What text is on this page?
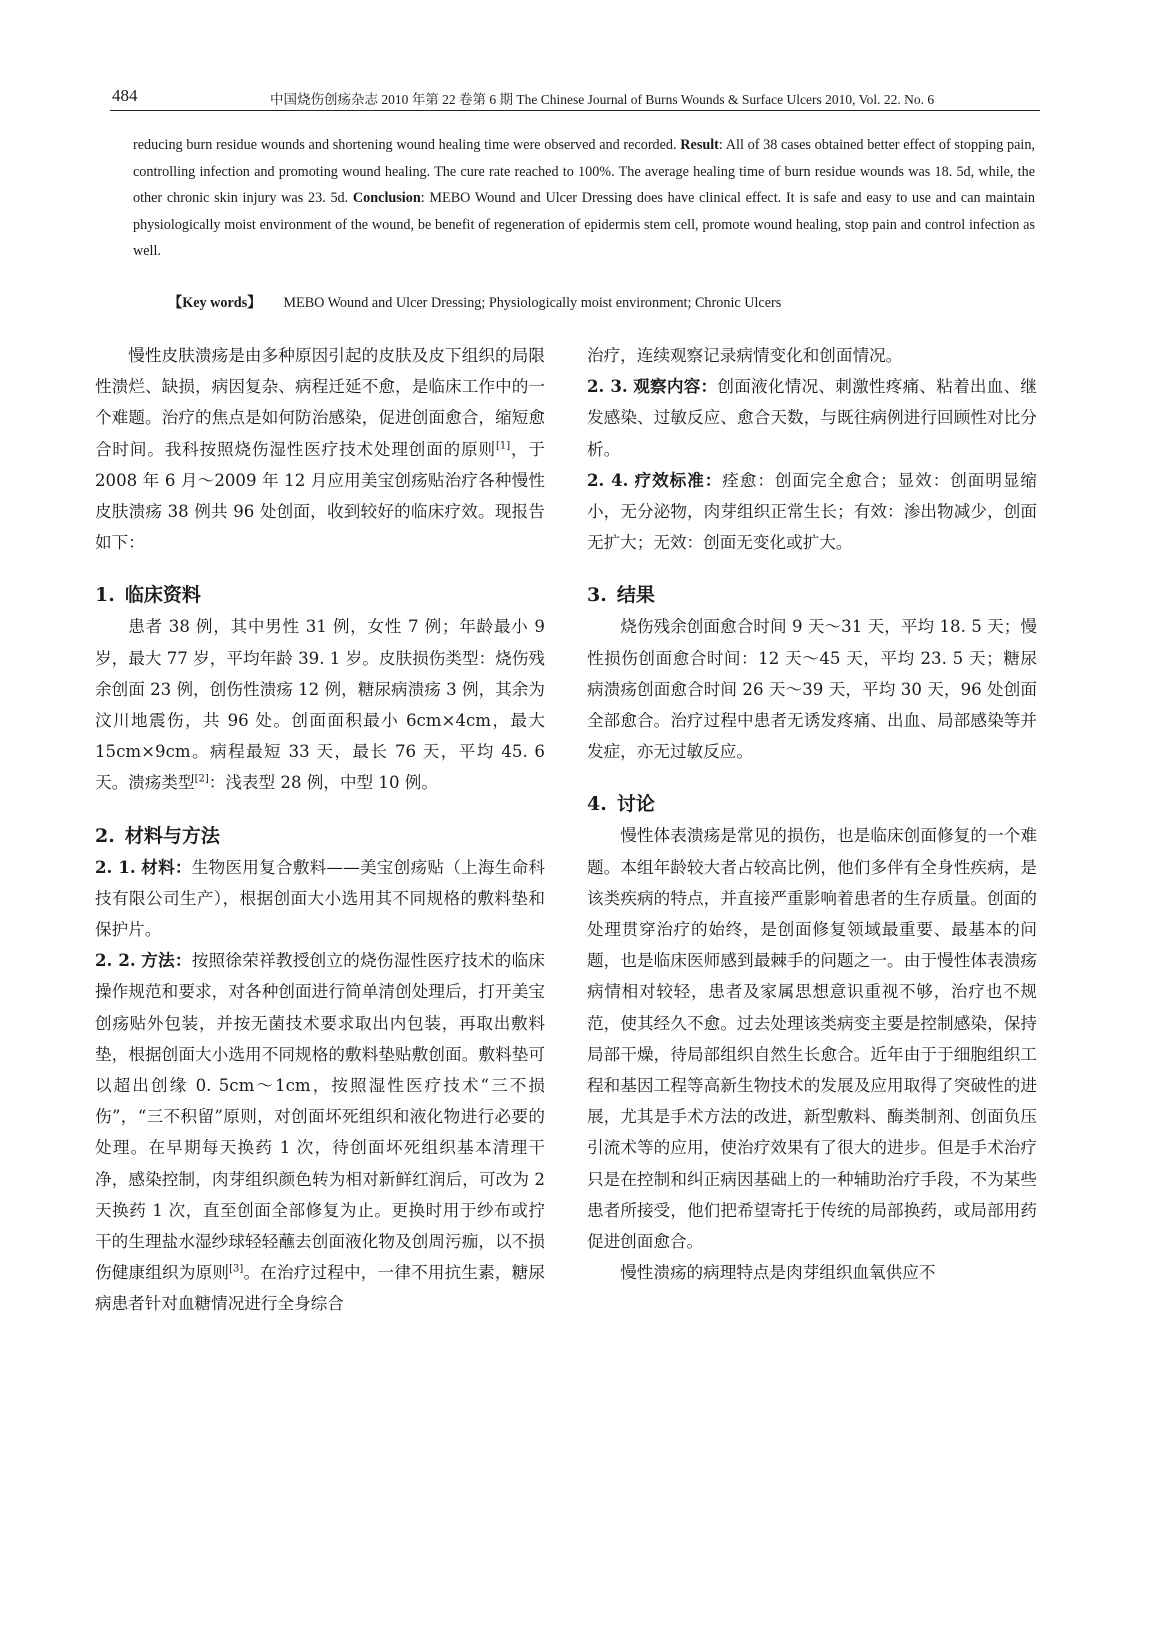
484	中国烧伤创疡杂志 2010 年第 22 卷第 6 期 The Chinese Journal of Burns Wounds & Surface Ulcers 2010, Vol. 22. No. 6

reducing burn residue wounds and shortening wound healing time were observed and recorded. Result: All of 38 cases obtained better effect of stopping pain, controlling infection and promoting wound healing. The cure rate reached to 100%. The average healing time of burn residue wounds was 18. 5d, while, the other chronic skin injury was 23. 5d. Conclusion: MEBO Wound and Ulcer Dressing does have clinical effect. It is safe and easy to use and can maintain physiologically moist environment of the wound, be benefit of regeneration of epidermis stem cell, promote wound healing, stop pain and control infection as well.

【Key words】 MEBO Wound and Ulcer Dressing; Physiologically moist environment; Chronic Ulcers

慢性皮肤溃疡是由多种原因引起的皮肤及皮下组织的局限性溃烂、缺损，病因复杂、病程迁延不愈，是临床工作中的一个难题。治疗的焦点是如何防治感染，促进创面愈合，缩短愈合时间。我科按照烧伤湿性医疗技术处理创面的原则[1]，于 2008 年 6 月～2009 年 12 月应用美宝创疡贴治疗各种慢性皮肤溃疡 38 例共 96 处创面，收到较好的临床疗效。现报告如下：

1. 临床资料

患者 38 例，其中男性 31 例，女性 7 例；年龄最小 9 岁，最大 77 岁，平均年龄 39. 1 岁。皮肤损伤类型：烧伤残余创面 23 例，创伤性溃疡 12 例，糖尿病溃疡 3 例，其余为汶川地震伤，共 96 处。创面面积最小 6cm×4cm，最大 15cm×9cm。病程最短 33 天，最长 76 天，平均 45. 6 天。溃疡类型[2]：浅表型 28 例，中型 10 例。

2. 材料与方法

2. 1. 材料：生物医用复合敷料——美宝创疡贴（上海生命科技有限公司生产），根据创面大小选用其不同规格的敷料垫和保护片。

2. 2. 方法：按照徐荣祥教授创立的烧伤湿性医疗技术的临床操作规范和要求，对各种创面进行简单清创处理后，打开美宝创疡贴外包装，并按无菌技术要求取出内包装，再取出敷料垫，根据创面大小选用不同规格的敷料垫贴敷创面。敷料垫可以超出创缘 0. 5cm～1cm，按照湿性医疗技术“三不损伤”，“三不积留”原则，对创面坏死组织和液化物进行必要的处理。在早期每天换药 1 次，待创面坏死组织基本清理干净，感染控制，肉芽组织颜色转为相对新鲜红润后，可改为 2 天换药 1 次，直至创面全部修复为止。更换时用于纱布或拧干的生理盐水湿纱球轻轻蘸去创面液化物及创周污痂，以不损伤健康组织为原则[3]。在治疗过程中，一律不用抗生素，糖尿病患者针对血糖情况进行全身综合

治疗，连续观察记录病情变化和创面情况。

2. 3. 观察内容：创面液化情况、刺激性疼痛、粘着出血、继发感染、过敏反应、愈合天数，与既往病例进行回顾性对比分析。

2. 4. 疗效标准：痊愈：创面完全愈合；显效：创面明显缩小，无分泌物，肉芽组织正常生长；有效：渗出物减少，创面无扩大；无效：创面无变化或扩大。

3. 结果

烧伤残余创面愈合时间 9 天～31 天，平均 18. 5 天；慢性损伤创面愈合时间：12 天～45 天，平均 23. 5 天；糖尿病溃疡创面愈合时间 26 天～39 天，平均 30 天，96 处创面全部愈合。治疗过程中患者无诱发疼痛、出血、局部感染等并发症，亦无过敏反应。

4. 讨论

慢性体表溃疡是常见的损伤，也是临床创面修复的一个难题。本组年龄较大者占较高比例，他们多伴有全身性疾病，是该类疾病的特点，并直接严重影响着患者的生存质量。创面的处理贯穿治疗的始终，是创面修复领域最重要、最基本的问题，也是临床医师感到最棘手的问题之一。由于慢性体表溃疡病情相对较轻，患者及家属思想意识重视不够，治疗也不规范，使其经久不愈。过去处理该类病变主要是控制感染，保持局部干燥，待局部组织自然生长愈合。近年由于于细胞组织工程和基因工程等高新生物技术的发展及应用取得了突破性的进展，尤其是手术方法的改进，新型敷料、酶类制剂、创面负压引流术等的应用，使治疗效果有了很大的进步。但是手术治疗只是在控制和纠正病因基础上的一种辅助治疗手段，不为某些患者所接受，他们把希望寄托于传统的局部换药，或局部用药促进创面愈合。

慢性溃疡的病理特点是肉芽组织血氧供应不
